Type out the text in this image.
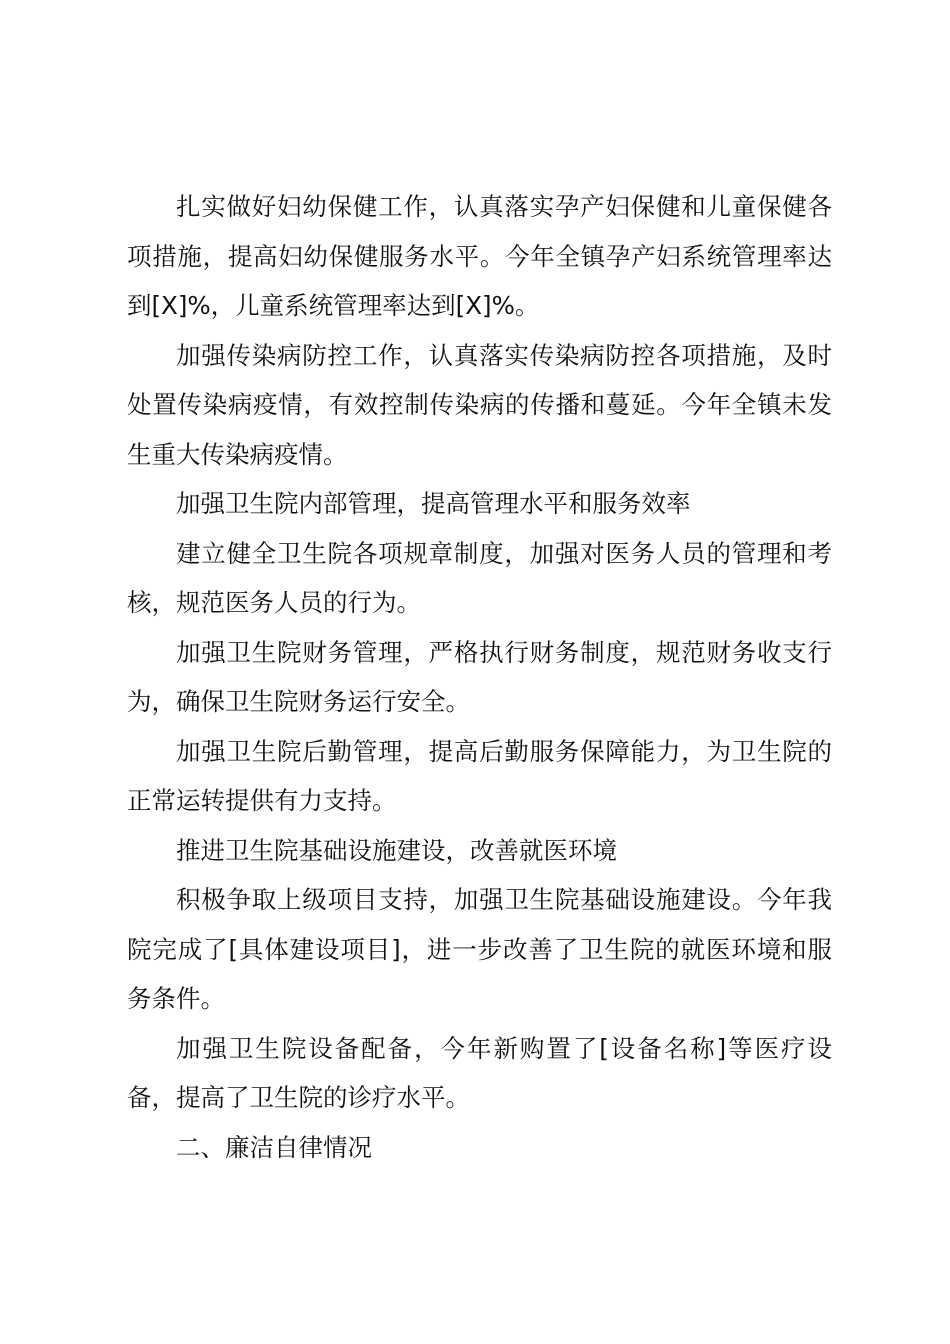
扎实做好妇幼保健工作，认真落实孕产妇保健和儿童保健各项措施，提高妇幼保健服务水平。今年全镇孕产妇系统管理率达到[X]%，儿童系统管理率达到[X]%。

加强传染病防控工作，认真落实传染病防控各项措施，及时处置传染病疫情，有效控制传染病的传播和蔓延。今年全镇未发生重大传染病疫情。

加强卫生院内部管理，提高管理水平和服务效率

建立健全卫生院各项规章制度，加强对医务人员的管理和考核，规范医务人员的行为。

加强卫生院财务管理，严格执行财务制度，规范财务收支行为，确保卫生院财务运行安全。

加强卫生院后勤管理，提高后勤服务保障能力，为卫生院的正常运转提供有力支持。

推进卫生院基础设施建设，改善就医环境

积极争取上级项目支持，加强卫生院基础设施建设。今年我院完成了[具体建设项目]，进一步改善了卫生院的就医环境和服务条件。

加强卫生院设备配备，今年新购置了[设备名称]等医疗设备，提高了卫生院的诊疗水平。

二、廉洁自律情况
